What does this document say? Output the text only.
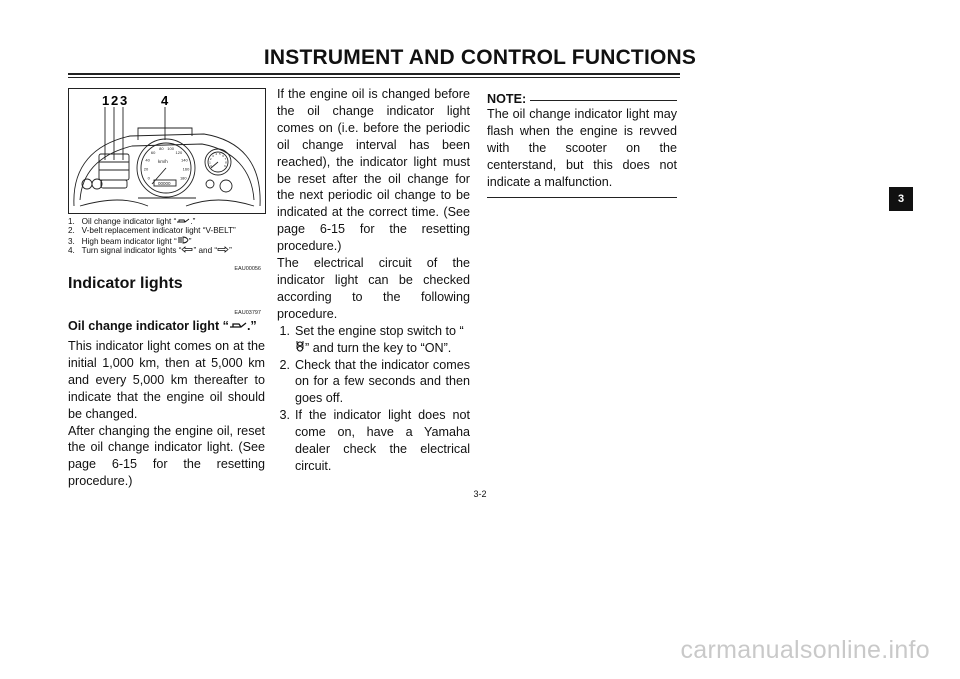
INSTRUMENT AND CONTROL FUNCTIONS
1 2 3	4
km/h
00000
0
20
40
60
80 100
120
140
160
180
0
1
2
3 4 5 6
7
8
9
1. Oil change indicator light “ .”
2. V-belt replacement indicator light “V-BELT”
3. High beam indicator light “ ”
4. Turn signal indicator lights “ ” and “ ”
EAU00056
Indicator lights
EAU03797
Oil change indicator light “ .”
This indicator light comes on at the initial 1,000 km, then at 5,000 km and every 5,000 km thereafter to indicate that the engine oil should be changed.
After changing the engine oil, reset the oil change indicator light. (See page 6-15 for the resetting procedure.)
If the engine oil is changed before the oil change indicator light comes on (i.e. before the periodic oil change interval has been reached), the indicator light must be reset after the oil change for the next periodic oil change to be indicated at the correct time. (See page 6-15 for the resetting procedure.)
The electrical circuit of the indicator light can be checked according to the following procedure.
1. Set the engine stop switch to “” and turn the key to “ON”.
2. Check that the indicator comes on for a few seconds and then goes off.
3. If the indicator light does not come on, have a Yamaha dealer check the electrical circuit.
NOTE:
The oil change indicator light may flash when the engine is revved with the scooter on the centerstand, but this does not indicate a malfunction.
3
3-2
carmanualsonline.info
